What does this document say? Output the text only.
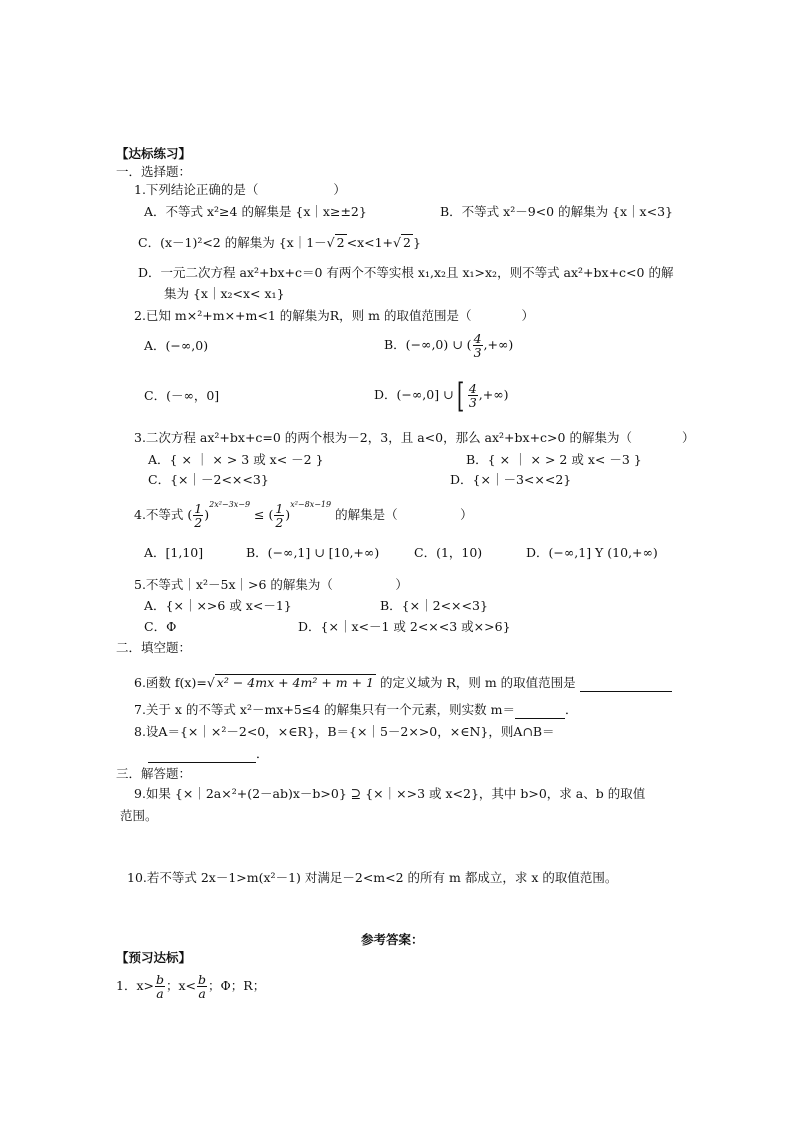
【达标练习】
一．选择题：
1.下列结论正确的是（　　　　　　）
A．不等式 x²≥4 的解集是 {x｜x≥±2}	B．不等式 x²－9<0 的解集为 {x｜x<3}
C．(x－1)²<2 的解集为 {x｜1－√ 2 <x<1+√ 2 }
D．一元二次方程 ax²+bx+c＝0 有两个不等实根 x₁,x₂且 x₁>x₂，则不等式 ax²+bx+c<0 的解
集为 {x｜x₂<x< x₁}
2.已知 m×²+m×+m<1 的解集为R，则 m 的取值范围是（　　　　）
A．(−∞,0)	B．(−∞,0) ∪ ( $\frac{4}{3}$ ,+∞)
C．(－∞，0]	D．(−∞,0] ∪[ $\frac{4}{3}$ ,+∞)
3.二次方程 ax²+bx+c=0 的两个根为－2，3，且 a<0，那么 ax²+bx+c>0 的解集为（　　　　）
A．{ × ｜ × > 3 或 x< －2 }	B．{ × ｜ × > 2 或 x< －3 }
C．{×｜－2<×<3}	D．{×｜－3<×<2}
4.不等式 ( $\frac{1}{2} )^{2x^2-3x-9}$ ≤ ( $\frac{1}{2} )^{x^2-8x-19}$ 的解集是（　　　　　）
A．[1,10]	B．(−∞,1] ∪ [10,+∞)	C．(1，10)	D．(−∞,1] Y (10,+∞)
5.不等式｜x²－5x｜>6 的解集为（　　　　　）
A．{×｜×>6 或 x<－1}	B．{×｜2<×<3}
C．Φ	D．{×｜x<－1 或 2<×<3 或×>6}
二．填空题：
6.函数 f(x)=√ x² − 4mx + 4m² + m + 1 的定义域为 R，则 m 的取值范围是
7.关于 x 的不等式 x²－mx+5≤4 的解集只有一个元素，则实数 m＝	．
8.设A＝{×｜×²－2<0，×∈R}，B＝{×｜5－2×>0，×∈N}，则A∩B＝
．
三．解答题：
9.如果 {×｜2a×²+(2－ab)x－b>0} ⊇ {×｜×>3 或 x<2}，其中 b>0，求 a、b 的取值
范围。
10.若不等式 2x－1>m(x²－1) 对满足－2<m<2 的所有 m 都成立，求 x 的取值范围。
参考答案：
【预习达标】
1．$x> \frac{b}{a}$ ；$x< \frac{b}{a}$ ；Φ；R；
